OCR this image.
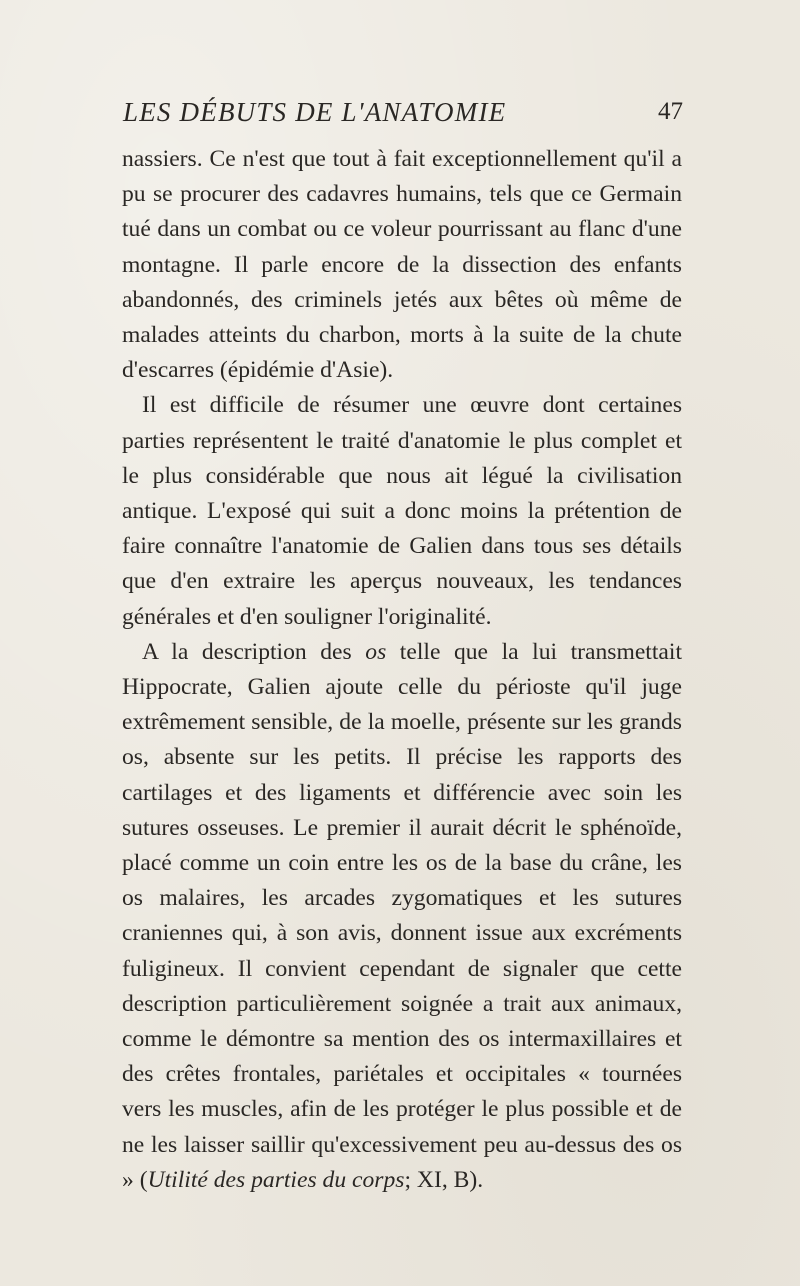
LES DÉBUTS DE L'ANATOMIE	47

nassiers. Ce n'est que tout à fait exceptionnellement qu'il a pu se procurer des cadavres humains, tels que ce Germain tué dans un combat ou ce voleur pourrissant au flanc d'une montagne. Il parle encore de la dissection des enfants abandonnés, des criminels jetés aux bêtes où même de malades atteints du charbon, morts à la suite de la chute d'escarres (épidémie d'Asie).

Il est difficile de résumer une œuvre dont certaines parties représentent le traité d'anatomie le plus complet et le plus considérable que nous ait légué la civilisation antique. L'exposé qui suit a donc moins la prétention de faire connaître l'anatomie de Galien dans tous ses détails que d'en extraire les aperçus nouveaux, les tendances générales et d'en souligner l'originalité.

A la description des os telle que la lui transmettait Hippocrate, Galien ajoute celle du périoste qu'il juge extrêmement sensible, de la moelle, présente sur les grands os, absente sur les petits. Il précise les rapports des cartilages et des ligaments et différencie avec soin les sutures osseuses. Le premier il aurait décrit le sphénoïde, placé comme un coin entre les os de la base du crâne, les os malaires, les arcades zygomatiques et les sutures craniennes qui, à son avis, donnent issue aux excréments fuligineux. Il convient cependant de signaler que cette description particulièrement soignée a trait aux animaux, comme le démontre sa mention des os intermaxillaires et des crêtes frontales, pariétales et occipitales « tournées vers les muscles, afin de les protéger le plus possible et de ne les laisser saillir qu'excessivement peu au-dessus des os » (Utilité des parties du corps; XI, B).
